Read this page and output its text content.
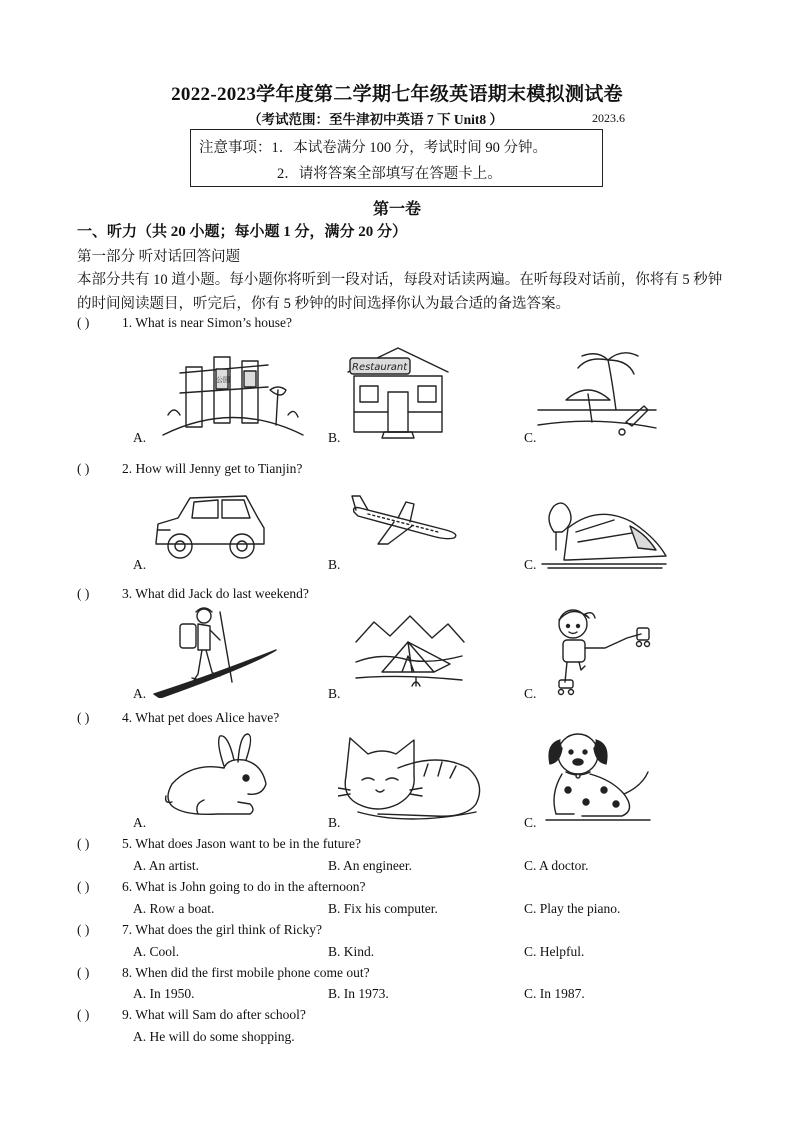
2022-2023学年度第二学期七年级英语期末模拟测试卷
（考试范围：至牛津初中英语 7 下 Unit8 ）	2023.6
注意事项：1．本试卷满分 100 分，考试时间 90 分钟。
2．请将答案全部填写在答题卡上。
第一卷
一、听力（共 20 小题；每小题 1 分，满分 20 分）
第一部分 听对话回答问题
本部分共有 10 道小题。每小题你将听到一段对话，每段对话读两遍。在听每段对话前，你将有 5 秒钟的时间阅读题目，听完后，你有 5 秒钟的时间选择你认为最合适的备选答案。
( ) 1. What is near Simon’s house?
公园
Restaurant
A.	B.	C.
( ) 2. How will Jenny get to Tianjin?
A.	B.	C.
( ) 3. What did Jack do last weekend?
A.	B.	C.
( ) 4. What pet does Alice have?
A.	B.	C.
( ) 5. What does Jason want to be in the future?
A. An artist.	B. An engineer.	C. A doctor.
( ) 6. What is John going to do in the afternoon?
A. Row a boat.	B. Fix his computer.	C. Play the piano.
( ) 7. What does the girl think of Ricky?
A. Cool.	B. Kind.	C. Helpful.
( ) 8. When did the first mobile phone come out?
A. In 1950.	B. In 1973.	C. In 1987.
( ) 9. What will Sam do after school?
A. He will do some shopping.
